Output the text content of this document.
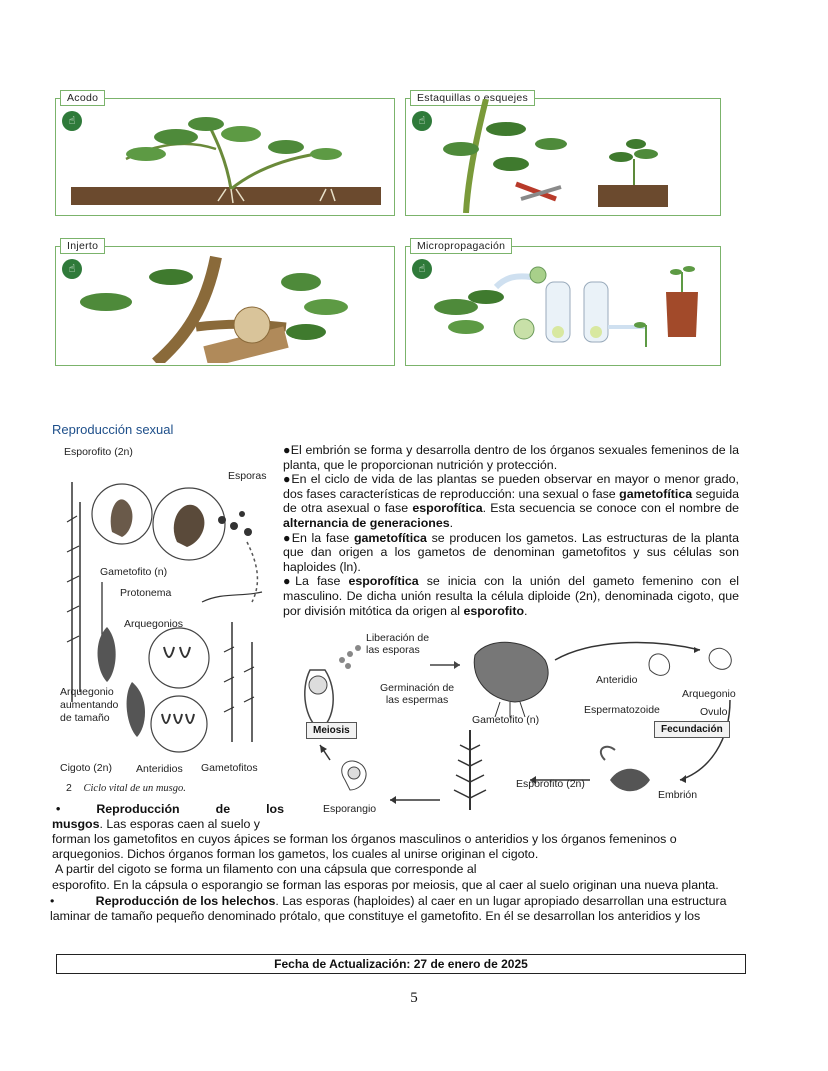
Acodo
☝
Estaquillas o esquejes
☝
Injerto
☝
Micropropagación
☝
Reproducción sexual
Esporofito (2n)
Esporas
Gametofito (n)
Protonema
Arquegonios
Arquegonio
aumentando
de tamaño
Cigoto (2n) Anteridios Gametofitos
2 Ciclo vital de un musgo.

●El embrión se forma y desarrolla dentro de los órganos sexuales femeninos de la planta, que le proporcionan nutrición y protección.

●En el ciclo de vida de las plantas se pueden observar en mayor o menor grado, dos fases características de reproducción: una sexual o fase gametofítica seguida de otra asexual o fase esporofítica. Esta secuencia se conoce con el nombre de alternancia de generaciones.

●En la fase gametofítica se producen los gametos. Las estructuras de la planta que dan origen a los gametos de denominan gametofitos y sus células son haploides (ln).

●La fase esporofítica se inicia con la unión del gameto femenino con el masculino. De dicha unión resulta la célula diploide (2n), denominada cigoto, que por división mitótica da origen al esporofito.

Liberación de
las esporas
Germinación de
las espermas
Gametofito (n)
Anteridio
Arquegonio
Espermatozoide	Ovulo
Fecundación
Meiosis
Esporangio
Esporofito (2n)
Embrión
•	Reproducción	de	los
musgos. Las esporas caen al suelo y
forman los gametofitos en cuyos ápices se forman los órganos masculinos o anteridios y los órganos femeninos o
arquegonios. Dichos órganos forman los gametos, los cuales al unirse originan el cigoto.
A partir del cigoto se forma un filamento con una cápsula que corresponde al
esporofito. En la cápsula o esporangio se forman las esporas por meiosis, que al caer al suelo originan una nueva planta.
•	Reproducción de los helechos. Las esporas (haploides) al caer en un lugar apropiado desarrollan una estructura
laminar de tamaño pequeño denominado prótalo, que constituye el gametofito. En él se desarrollan los anteridios y los
Fecha de Actualización: 27 de enero de 2025
5
